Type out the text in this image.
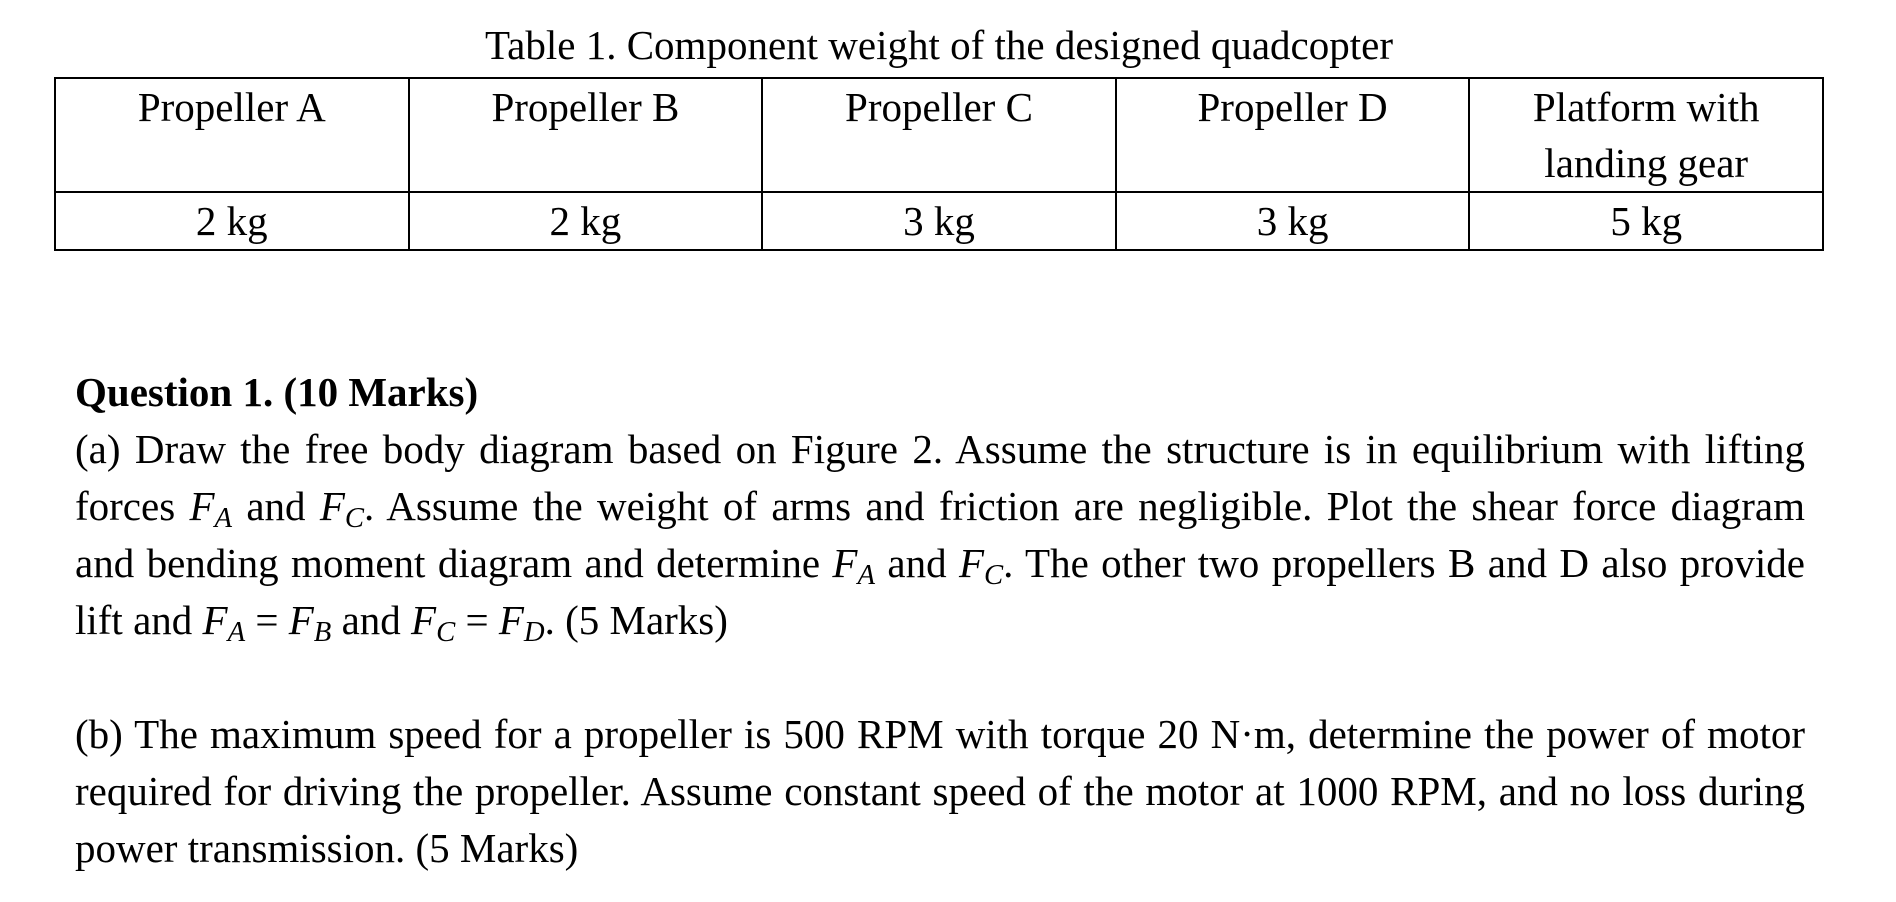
Table 1. Component weight of the designed quadcopter
Propeller A	Propeller B	Propeller C	Propeller D	Platform with landing gear
2 kg	2 kg	3 kg	3 kg	5 kg
Question 1. (10 Marks)
(a) Draw the free body diagram based on Figure 2. Assume the structure is in equilibrium with lifting forces $F_A$ and $F_C$. Assume the weight of arms and friction are negligible. Plot the shear force diagram and bending moment diagram and determine $F_A$ and $F_C$. The other two propellers B and D also provide lift and $F_A = F_B$ and $F_C = F_D$. (5 Marks)
(b) The maximum speed for a propeller is 500 RPM with torque 20 N·m, determine the power of motor required for driving the propeller. Assume constant speed of the motor at 1000 RPM, and no loss during power transmission. (5 Marks)
